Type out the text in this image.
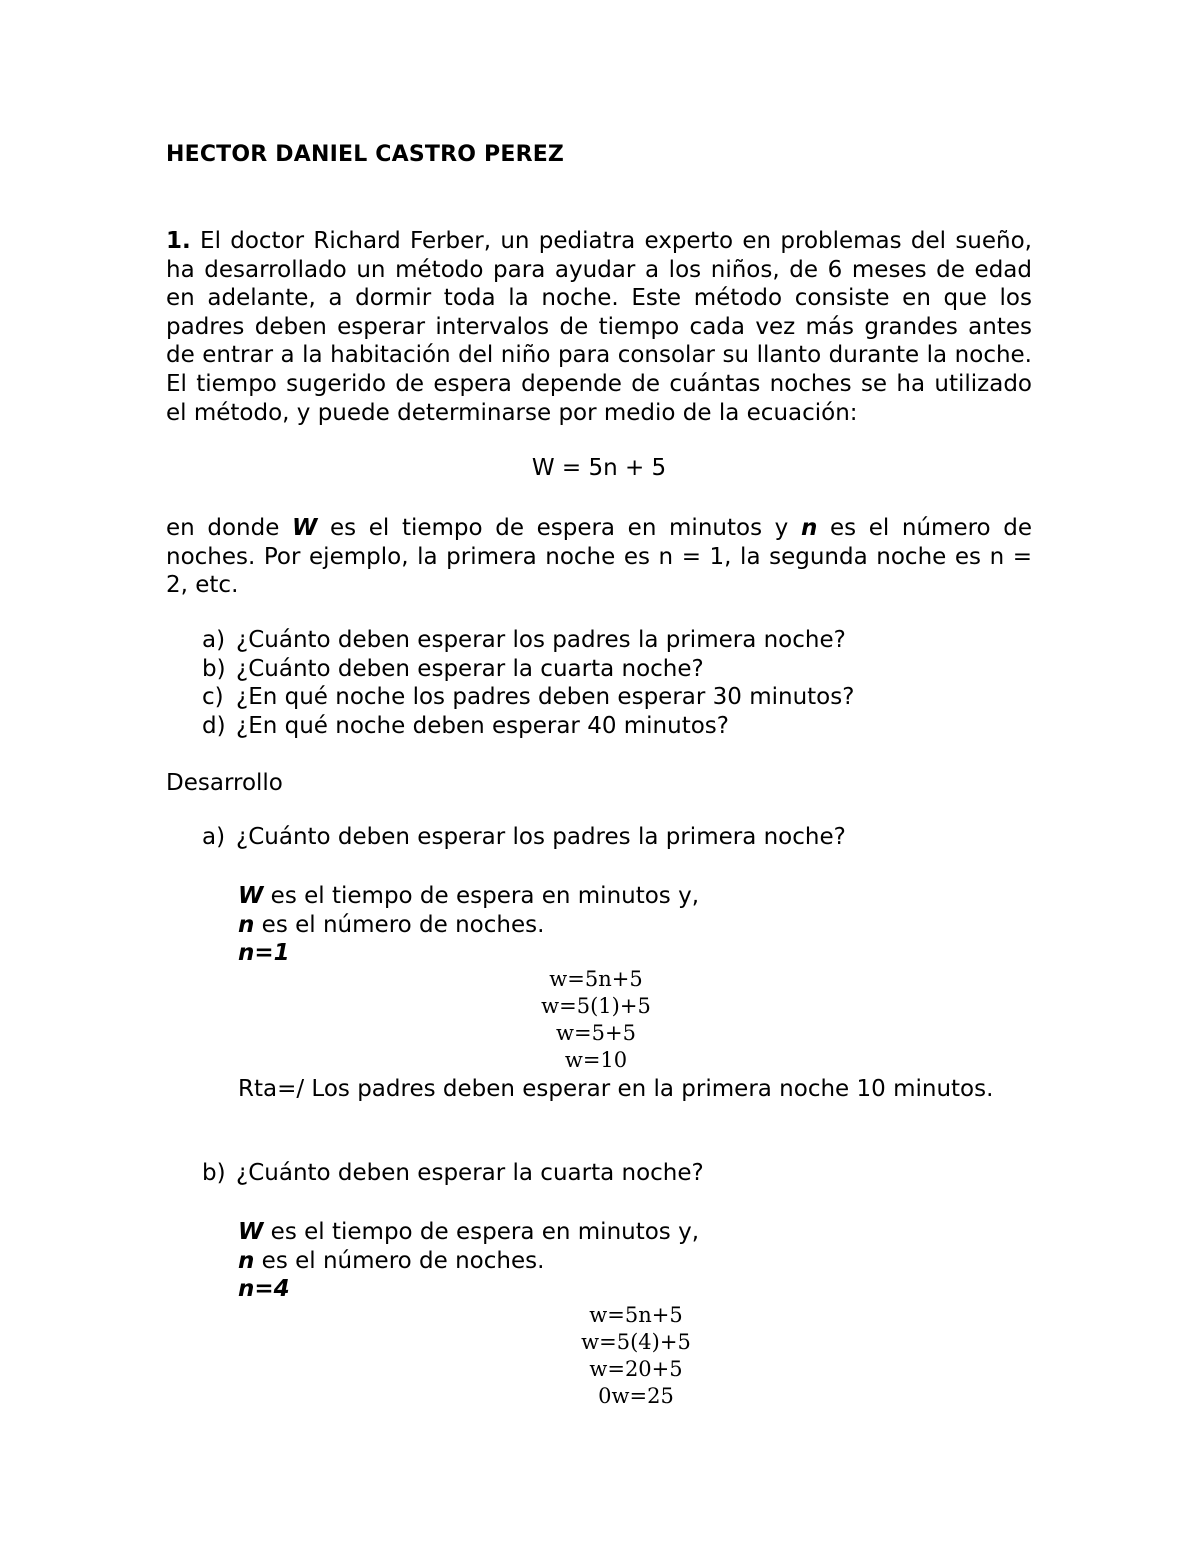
HECTOR DANIEL CASTRO PEREZ
1. El doctor Richard Ferber, un pediatra experto en problemas del sueño, ha desarrollado un método para ayudar a los niños, de 6 meses de edad en adelante, a dormir toda la noche. Este método consiste en que los padres deben esperar intervalos de tiempo cada vez más grandes antes de entrar a la habitación del niño para consolar su llanto durante la noche. El tiempo sugerido de espera depende de cuántas noches se ha utilizado el método, y puede determinarse por medio de la ecuación:
W = 5n + 5
en donde W es el tiempo de espera en minutos y n es el número de noches. Por ejemplo, la primera noche es n = 1, la segunda noche es n = 2, etc.
a) ¿Cuánto deben esperar los padres la primera noche?
b) ¿Cuánto deben esperar la cuarta noche?
c) ¿En qué noche los padres deben esperar 30 minutos?
d) ¿En qué noche deben esperar 40 minutos?
Desarrollo
a) ¿Cuánto deben esperar los padres la primera noche?
W es el tiempo de espera en minutos y,
n es el número de noches.
n=1
w=5n+5
w=5(1)+5
w=5+5
w=10
Rta=/ Los padres deben esperar en la primera noche 10 minutos.
b) ¿Cuánto deben esperar la cuarta noche?
W es el tiempo de espera en minutos y,
n es el número de noches.
n=4
w=5n+5
w=5(4)+5
w=20+5
0w=25
